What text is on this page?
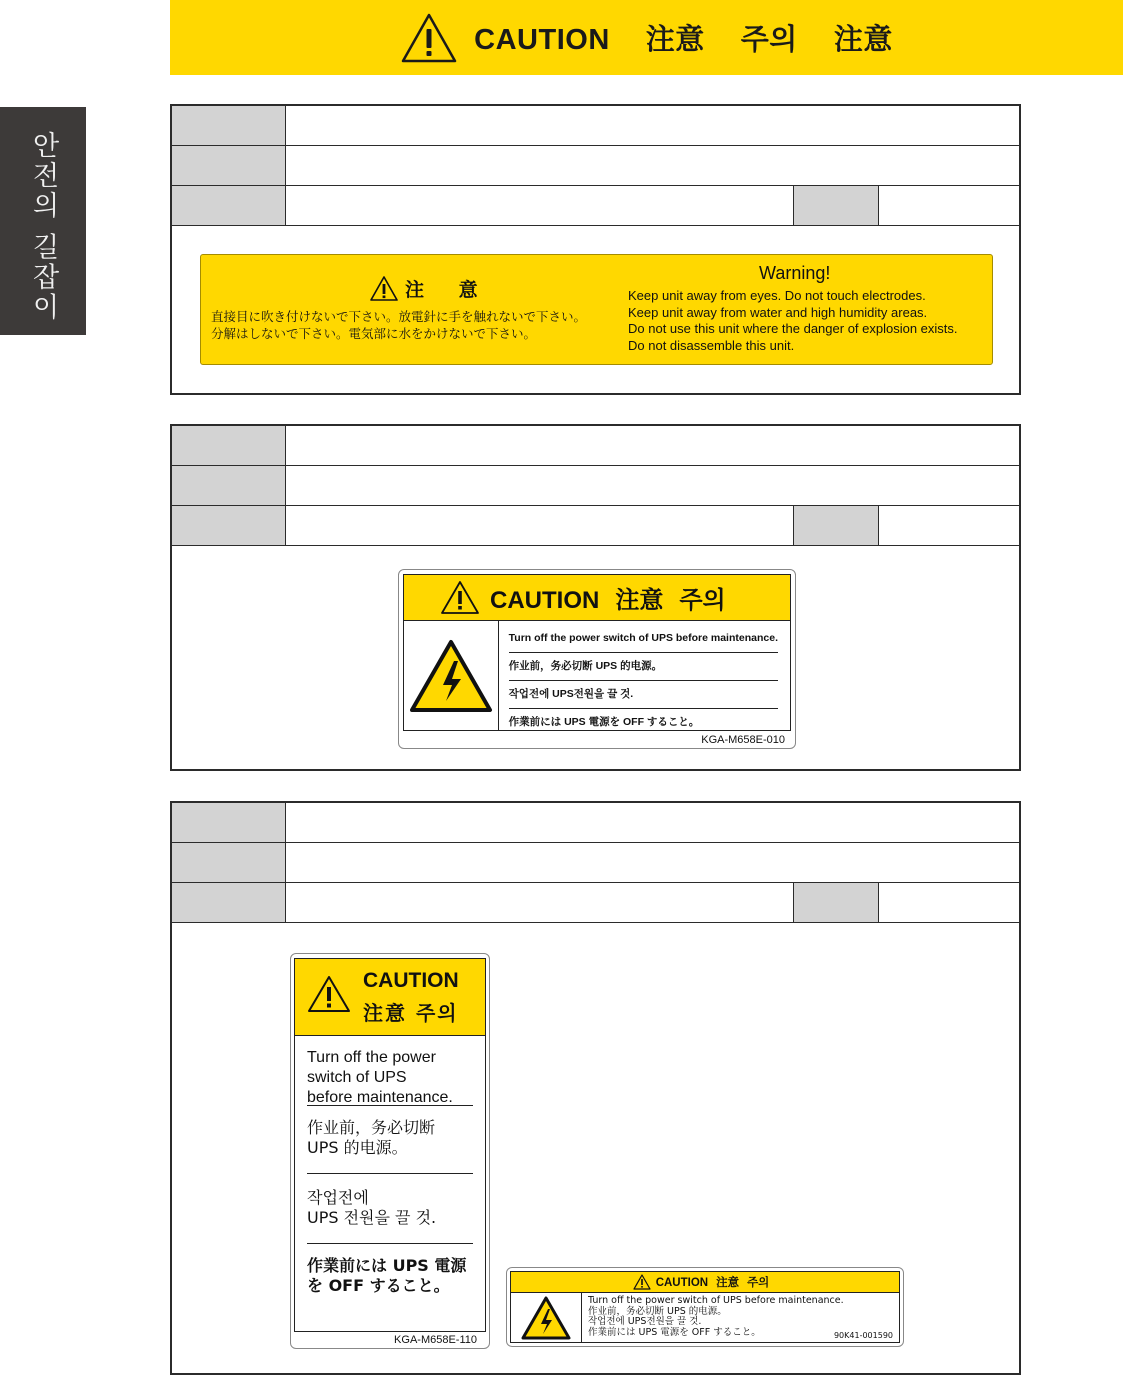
CAUTION 注意 주의 注意
안전의 길잡이	注 意
直接目に吹き付けないで下さい。放電針に手を触れないで下さい。
分解はしないで下さい。電気部に水をかけないで下さい。
Warning!
Keep unit away from eyes. Do not touch electrodes.
Keep unit away from water and high humidity areas.
Do not use this unit where the danger of explosion exists.
Do not disassemble this unit.
CAUTION 注意 주의
Turn off the power switch of UPS before maintenance.
作业前，务必切断 UPS 的电源。
작업전에 UPS전원을 끌 것.
作業前には UPS 電源を OFF すること。
KGA-M658E-010
CAUTION
注意 주의
Turn off the power
switch of UPS
before maintenance.
作业前，务必切断
UPS 的电源。
작업전에
UPS 전원을 끌 것.
作業前には UPS 電源
を OFF すること。
KGA-M658E-110
CAUTION 注意 주의
Turn off the power switch of UPS before maintenance.
作业前，务必切断 UPS 的电源。
작업전에 UPS전원을 끌 것.
作業前には UPS 電源を OFF すること。	90K41-001590
